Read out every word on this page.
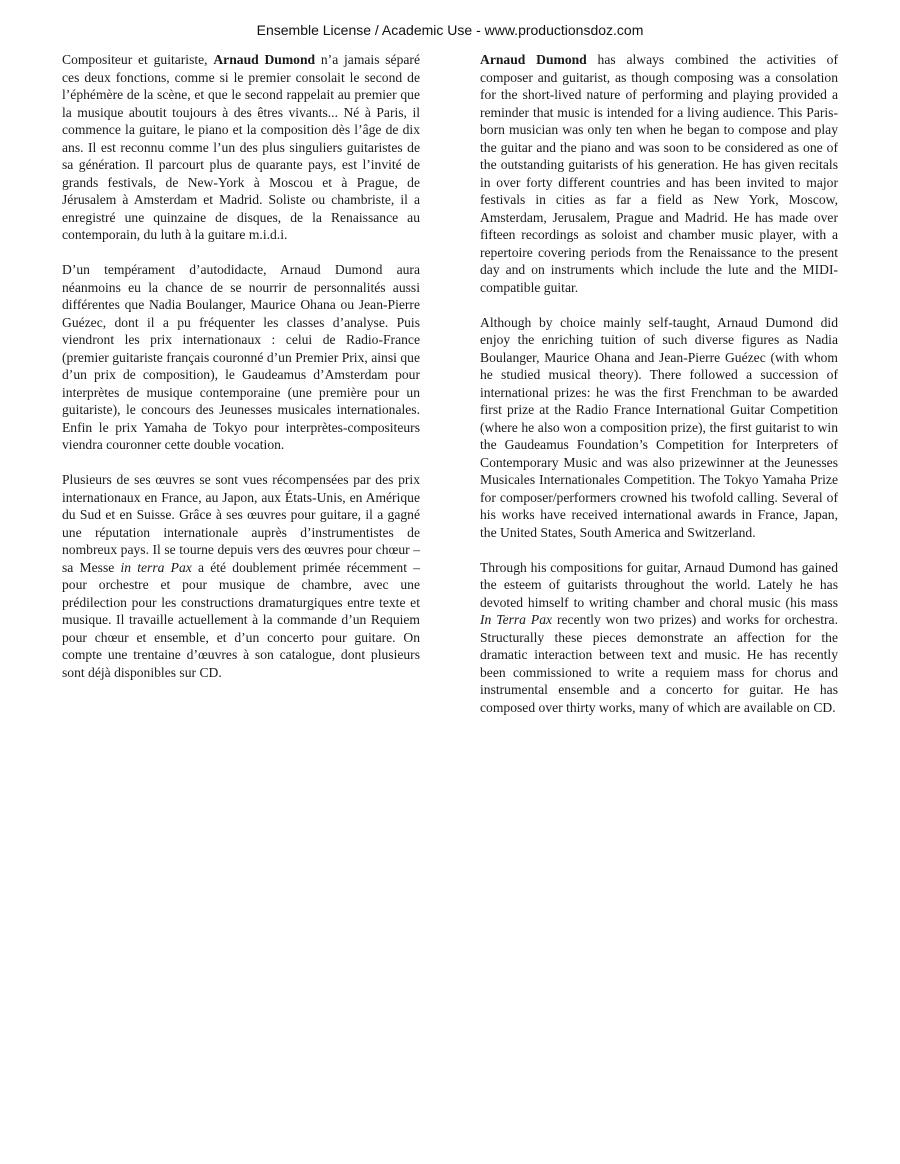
Ensemble License / Academic Use - www.productionsdoz.com

Compositeur et guitariste, Arnaud Dumond n’a jamais séparé ces deux fonctions, comme si le premier consolait le second de l’éphémère de la scène, et que le second rappelait au premier que la musique aboutit toujours à des êtres vivants... Né à Paris, il commence la guitare, le piano et la composition dès l’âge de dix ans. Il est reconnu comme l’un des plus singuliers guitaristes de sa génération. Il parcourt plus de quarante pays, est l’invité de grands festivals, de New-York à Moscou et à Prague, de Jérusalem à Amsterdam et Madrid. Soliste ou chambriste, il a enregistré une quinzaine de disques, de la Renaissance au contemporain, du luth à la guitare m.i.d.i.

D’un tempérament d’autodidacte, Arnaud Dumond aura néanmoins eu la chance de se nourrir de personnalités aussi différentes que Nadia Boulanger, Maurice Ohana ou Jean-Pierre Guézec, dont il a pu fréquenter les classes d’analyse. Puis viendront les prix internationaux : celui de Radio-France (premier guitariste français couronné d’un Premier Prix, ainsi que d’un prix de composition), le Gaudeamus d’Amsterdam pour interprètes de musique contemporaine (une première pour un guitariste), le concours des Jeunesses musicales internationales. Enfin le prix Yamaha de Tokyo pour interprètes-compositeurs viendra couronner cette double vocation.

Plusieurs de ses œuvres se sont vues récompensées par des prix internationaux en France, au Japon, aux États-Unis, en Amérique du Sud et en Suisse. Grâce à ses œuvres pour guitare, il a gagné une réputation internationale auprès d’instrumentistes de nombreux pays. Il se tourne depuis vers des œuvres pour chœur – sa Messe in terra Pax a été doublement primée récemment – pour orchestre et pour musique de chambre, avec une prédilection pour les constructions dramaturgiques entre texte et musique. Il travaille actuellement à la commande d’un Requiem pour chœur et ensemble, et d’un concerto pour guitare. On compte une trentaine d’œuvres à son catalogue, dont plusieurs sont déjà disponibles sur CD.

Arnaud Dumond has always combined the activities of composer and guitarist, as though composing was a consolation for the short-lived nature of performing and playing provided a reminder that music is intended for a living audience. This Paris-born musician was only ten when he began to compose and play the guitar and the piano and was soon to be considered as one of the outstanding guitarists of his generation. He has given recitals in over forty different countries and has been invited to major festivals in cities as far a field as New York, Moscow, Amsterdam, Jerusalem, Prague and Madrid. He has made over fifteen recordings as soloist and chamber music player, with a repertoire covering periods from the Renaissance to the present day and on instruments which include the lute and the MIDI-compatible guitar.

Although by choice mainly self-taught, Arnaud Dumond did enjoy the enriching tuition of such diverse figures as Nadia Boulanger, Maurice Ohana and Jean-Pierre Guézec (with whom he studied musical theory). There followed a succession of international prizes: he was the first Frenchman to be awarded first prize at the Radio France International Guitar Competition (where he also won a composition prize), the first guitarist to win the Gaudeamus Foundation’s Competition for Interpreters of Contemporary Music and was also prizewinner at the Jeunesses Musicales Internationales Competition. The Tokyo Yamaha Prize for composer/performers crowned his twofold calling. Several of his works have received international awards in France, Japan, the United States, South America and Switzerland.

Through his compositions for guitar, Arnaud Dumond has gained the esteem of guitarists throughout the world. Lately he has devoted himself to writing chamber and choral music (his mass In Terra Pax recently won two prizes) and works for orchestra. Structurally these pieces demonstrate an affection for the dramatic interaction between text and music. He has recently been commissioned to write a requiem mass for chorus and instrumental ensemble and a concerto for guitar. He has composed over thirty works, many of which are available on CD.
